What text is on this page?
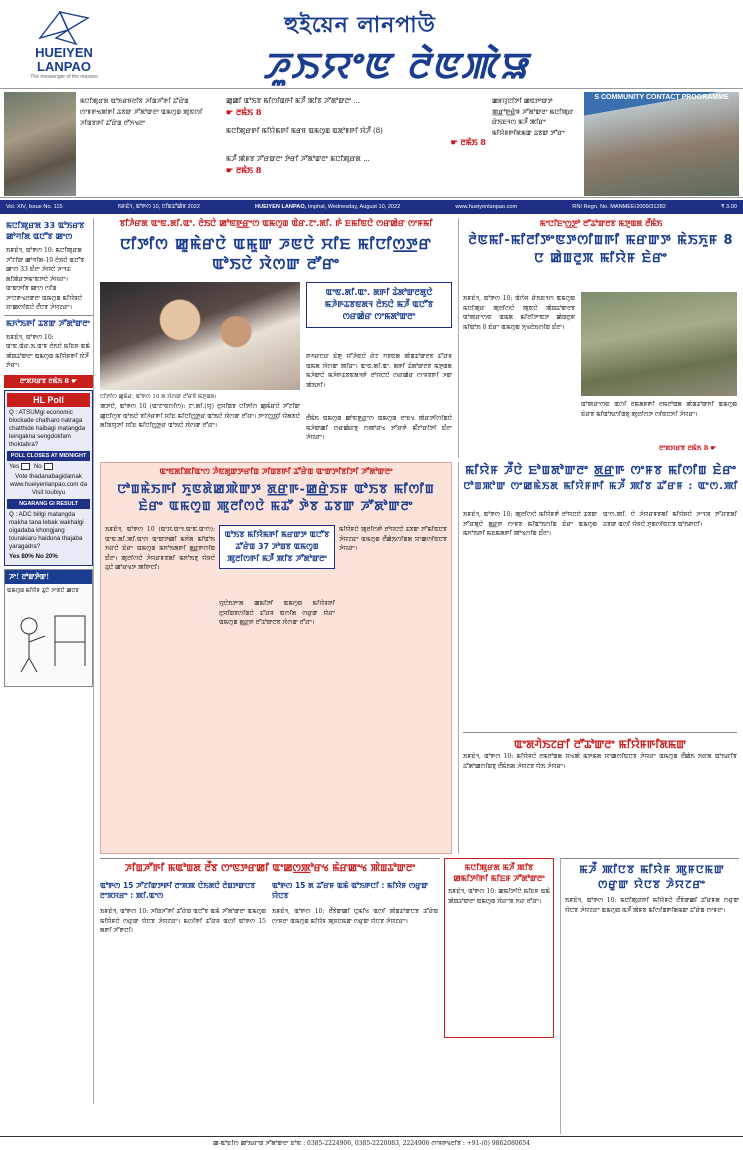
HUEIYEN
LANPAO
The messenger of the masses
হুইয়েন লানপাউ
ꯍꯨꯏꯌꯦꯟ ꯂꯥꯟꯄꯥꯎ
ꯃꯅꯤꯄꯨꯔꯗ ꯑꯣꯏꯔꯝꯂꯤꯕ ꯍꯤꯡꯍꯧꯒꯤ ꯊꯧꯔꯥꯡ ꯁꯦꯝꯒꯠꯄꯒꯤ ꯊꯕꯛ ꯍꯧꯗꯣꯛꯂꯦ ꯑꯃꯁꯨꯡ ꯄꯨꯟꯁꯤ ꯍꯤꯡꯕꯒꯤ ꯊꯧꯔꯥꯡ ꯂꯧꯈꯠꯂꯦ
ꯀꯨꯀꯤ ꯑꯣꯏꯕ ꯃꯤꯁꯤꯡꯒꯤ ꯃꯍꯩ ꯄꯤꯕ ꯍꯧꯗꯣꯛꯂꯦ ...
☛ ꯂꯃꯥꯏ 8
ꯃꯅꯤꯄꯨꯔꯒꯤ ꯃꯤꯌꯥꯃꯒꯤ ꯃꯔꯝ ꯑꯃꯁꯨꯡ ꯑꯗꯣꯝꯒꯤ ꯋꯥꯍꯩ (8)
☛ ꯂꯃꯥꯏ 8
ꯃꯍꯩ ꯄꯥꯝꯕ ꯍꯧꯔꯛꯂꯦ ꯇꯥꯔꯤ ꯍꯧꯗꯣꯛꯂꯦ ꯃꯅꯤꯄꯨꯔꯗ ...
☛ ꯂꯃꯥꯏ 8
ꯀꯝꯌꯨꯅꯤꯇꯤ ꯀꯟꯇꯦꯛꯇ ꯄ꯭ꯔꯣꯒ꯭ꯔꯥꯝ ꯍꯧꯗꯣꯛꯂꯦ ꯃꯅꯤꯄꯨꯔ ꯔꯥꯏꯐꯜꯁ ꯃꯍꯩ ꯄꯤꯔꯦ ꯃꯤꯌꯥꯝꯒꯤꯗꯃꯛ ꯊꯕꯛ ꯇꯧꯔꯦ
S COMMUNITY CONTACT PROGRAMME
Vol. XIV, Issue No. 115	ꯏꯝꯐꯥꯜ, ꯑꯣꯒꯁ 10, ꯅꯤꯡꯊꯧꯀꯥꯕ 2022	HUEIYEN LANPAO, Imphal, Wednesday, August 10, 2022	www.hueiyenlanpao.com	RNI Regn. No. MANMEE/2009/31282	₹ 3.00
ꯃꯅꯤꯄꯨꯔꯗ 33 ꯑꯣꯏꯔꯕ ꯀꯣꯚꯤꯗ ꯑꯅꯧꯕ ꯀꯦꯁ
ꯏꯝꯐꯥꯜ, ꯑꯣꯒꯁ 10: ꯃꯅꯤꯄꯨꯔꯗ ꯍꯧꯖꯤꯛ ꯀꯣꯚꯤꯗ-19 ꯂꯥꯏꯅꯥ ꯑꯅꯧꯕ ꯀꯦꯁ 33 ꯐꯪꯂꯦ ꯍꯥꯌꯅꯥ ꯍꯦꯜꯊ ꯗꯤꯄꯥꯔꯇꯃꯦꯟꯇꯅꯥ ꯍꯥꯌꯔꯦ। ꯑꯦꯛꯇꯤꯕ ꯀꯦꯁ ꯁꯤꯡ ꯍꯦꯅꯒꯠꯂꯛꯂꯦ ꯑꯃꯁꯨꯡ ꯃꯤꯌꯥꯝꯅꯥ ꯆꯦꯀꯁꯤꯟꯅꯥ ꯂꯩꯅꯕ ꯍꯥꯌꯖꯔꯦ।
ꯃꯈꯣꯏꯒꯤ ꯊꯕꯛ ꯍꯧꯗꯣꯛꯂꯦ
ꯏꯝꯐꯥꯜ, ꯑꯣꯒꯁ 10: ꯑꯦꯟ.ꯑꯥꯔ.ꯏ.ꯑꯦꯝ ꯂꯥꯏꯅꯥ ꯃꯤꯐꯝ ꯑꯃꯥ ꯄꯥꯡꯊꯣꯛꯂꯦ ꯑꯃꯁꯨꯡ ꯃꯤꯌꯥꯝꯒꯤ ꯋꯥꯍꯩ ꯇꯥꯔꯦ।
ꯂꯦꯞꯆꯔꯕ ꯂꯃꯥꯏ 8 ☛
HL Poll

Q : ATSUMgi economic blockade chatharo natraga chatthide haibagi matangda leingakna sengdokfam thoktabra?

POLL CLOSES AT MIDNIGHT

Yes No

Vote thadanabagidamak www.hueiyenlanpao.com da Visit toubiyu

NGARANG GI RESULT

Q : ADC billgi matangda makha tana lebak wakhalgi oigadaba khongjang tourakiaro haiduna thajaba yaragadra?

Yes 80% No 20%

ꯍꯦ! ꯂꯣꯛꯇꯥꯛ!
ꯑꯃꯁꯨꯡ ꯃꯤꯌꯥꯝ ꯊꯨꯅꯥ ꯍꯦꯟꯅꯥ ꯀꯅꯕ
ꯕꯤꯍꯥꯔꯗ ꯑꯦꯟ.ꯗꯤ.ꯑꯦ. ꯂꯥꯏꯅꯥ ꯀꯣꯟꯒ꯭ꯔꯦꯁ ꯑꯃꯁꯨꯡ ꯑꯥꯔ.ꯖꯦ.ꯗꯤ. ꯒꯥ ꯐꯃꯤꯟꯅꯥ ꯁꯔꯀꯥꯔ ꯁꯦꯝꯃꯤ
ꯅꯤꯇꯤꯁ ꯀꯨꯃꯥꯔꯅꯥ ꯑꯃꯨꯛ ꯍꯟꯅꯥ ꯆꯤꯐ ꯃꯤꯅꯤꯁ꯭ꯇꯔ ꯑꯣꯏꯅꯥ ꯋꯥꯁꯛ ꯂꯧꯔꯦ
ꯅꯤꯇꯤꯁ ꯀꯨꯃꯥꯔ, ꯑꯣꯒꯁ 10 ꯗ ꯋꯥꯁꯛ ꯂꯧꯔꯕꯥ ꯃꯇꯨꯡꯗ।
ꯑꯦꯟ.ꯗꯤ.ꯑꯦ. ꯗꯒꯤ ꯊꯥꯗꯣꯛꯂꯗꯨꯅꯥ ꯃꯍꯥꯒꯊꯕꯟꯗꯜ ꯂꯥꯏꯅꯥ ꯃꯍꯩ ꯑꯅꯧꯕ ꯁꯔꯀꯥꯔ ꯁꯦꯃꯗꯣꯛꯂꯦ
ꯒꯚꯔꯅꯔ ꯐꯥꯒꯨ ꯆꯧꯍꯥꯟꯅꯥ ꯔꯥꯖ ꯚꯕꯟꯗ ꯄꯥꯡꯊꯣꯛꯂꯕ ꯊꯧꯔꯝ ꯑꯃꯗ ꯋꯥꯁꯛ ꯄꯤꯔꯦ। ꯑꯦꯟ.ꯗꯤ.ꯑꯦ. ꯗꯒꯤ ꯊꯥꯗꯣꯛꯂꯕ ꯃꯇꯨꯡꯗ ꯃꯍꯥꯛꯅꯥ ꯃꯍꯥꯒꯊꯕꯟꯗꯜꯒꯥ ꯂꯣꯌꯅꯅꯥ ꯁꯔꯀꯥꯔ ꯁꯦꯝꯕꯒꯤ ꯍꯛ ꯄꯥꯏꯈꯤ।
ꯄꯇꯅꯥ, ꯑꯣꯒꯁ 10 (ꯑꯦꯖꯦꯟꯁꯤꯁ): ꯖꯦ.ꯗꯤ.(ꯌꯨ) ꯂꯨꯆꯤꯡꯕ ꯅꯤꯇꯤꯁ ꯀꯨꯃꯥꯔꯅꯥ ꯍꯧꯖꯤꯛ ꯀꯨꯅꯤꯁꯨꯕ ꯑꯣꯏꯅꯥ ꯕꯤꯍꯥꯔꯒꯤ ꯆꯤꯐ ꯃꯤꯅꯤꯁ꯭ꯇꯔ ꯑꯣꯏꯅꯥ ꯋꯥꯁꯛ ꯂꯧꯔꯦ। ꯇꯦꯖꯁ꯭ꯋꯤ ꯌꯥꯗꯕꯅꯥ ꯗꯤꯞꯌꯨꯇꯤ ꯆꯤꯐ ꯃꯤꯅꯤꯁ꯭ꯇꯔ ꯑꯣꯏꯅꯥ ꯋꯥꯁꯛ ꯂꯧꯔꯦ।
ꯂꯩꯃꯥꯏ ꯑꯃꯁꯨꯡ ꯀꯣꯟꯒ꯭ꯔꯦꯁ ꯑꯃꯁꯨꯡ ꯂꯦꯐꯠ ꯄꯥꯔꯇꯤꯁꯤꯡꯅꯥ ꯃꯍꯥꯛꯀꯤ ꯁꯔꯀꯥꯔꯕꯨ ꯁꯄꯣꯔꯠ ꯇꯧꯔꯒꯥ ꯃꯩꯖꯣꯔꯤꯇꯤ ꯐꯪꯂꯦ ꯍꯥꯌꯔꯦ।
ꯃꯦꯅꯤꯐꯦꯁ꯭ꯇꯣ ꯂꯧꯊꯣꯛꯂꯕ ꯃꯇꯨꯡꯗ ꯂꯩꯃꯥꯏ
ꯂꯥꯟꯃꯤ-ꯃꯤꯂꯤꯇꯦꯟꯇꯁꯤꯡꯒꯤ ꯃꯔꯛꯇ ꯃꯥꯏꯈꯨꯝ 8 ꯅ ꯀꯥꯡꯂꯨꯞ ꯃꯤꯌꯥꯝ ꯐꯥꯔꯦ
ꯏꯝꯐꯥꯜ, ꯑꯣꯒꯁ 10: ꯑꯥꯁꯥꯝ ꯔꯥꯏꯐꯜꯁ ꯑꯃꯁꯨꯡ ꯃꯅꯤꯄꯨꯔ ꯄꯨꯂꯤꯁꯅꯥ ꯄꯨꯟꯅꯥ ꯄꯥꯡꯊꯣꯛꯂꯕ ꯑꯣꯄꯔꯦꯁꯟ ꯑꯃꯗ ꯃꯤꯂꯤꯇꯦꯟꯇ ꯀꯥꯡꯂꯨꯞ ꯃꯤꯑꯣꯏ 8 ꯐꯥꯔꯦ ꯑꯃꯁꯨꯡ ꯈꯨꯠꯂꯥꯏꯁꯤꯡ ꯐꯪꯂꯦ।
ꯑꯣꯄꯔꯦꯁꯟ ꯑꯁꯤ ꯂꯃꯗꯝꯒꯤ ꯂꯃꯂꯣꯡꯗ ꯄꯥꯡꯊꯣꯛꯈꯤ ꯑꯃꯁꯨꯡ ꯐꯥꯔꯕ ꯃꯤꯑꯣꯏꯁꯤꯡꯕꯨ ꯄꯨꯂꯤꯁꯇ ꯁꯤꯟꯅꯈꯤ ꯍꯥꯌꯔꯦ।
ꯂꯦꯞꯆꯔꯕ ꯂꯃꯥꯏ 8 ☛
ꯑꯦꯟꯗꯤꯄꯤꯑꯦꯁ ꯍꯥꯟꯗꯨꯛꯇꯔꯤꯡ ꯍꯤꯡꯕꯒꯤ ꯊꯧꯔꯥꯡ ꯑꯦꯛꯇꯤꯕꯤꯇꯤ ꯍꯧꯗꯣꯛꯂꯦ
ꯅꯣꯡꯃꯥꯏꯒꯤ ꯈꯨꯟꯗꯥꯀꯄꯥꯛꯇ ꯗ꯭ꯔꯒ-ꯀ꯭ꯔꯥꯏꯝ ꯑꯣꯏꯕ ꯃꯤꯁꯤꯡ ꯐꯥꯔꯦ ꯑꯃꯁꯨꯡ ꯄꯨꯂꯤꯁꯅꯥ ꯃꯊꯧ ꯇꯥꯕ ꯊꯕꯛ ꯍꯧꯗꯣꯛꯂꯦ
ꯑꯣꯏꯕ ꯃꯤꯌꯥꯃꯒꯤ ꯃꯔꯛꯇ ꯑꯅꯧꯕ ꯊꯧꯔꯥꯡ 37 ꯍꯣꯡꯕ ꯑꯃꯁꯨꯡ ꯄꯨꯂꯤꯁꯒꯤ ꯃꯍꯩ ꯄꯤꯕ ꯍꯧꯗꯣꯛꯂꯦ
ꯏꯝꯐꯥꯜ, ꯑꯣꯒꯁ 10 (ꯑꯦꯆ.ꯑꯦꯜ.ꯑꯦꯟ.ꯑꯦꯁ): ꯑꯦꯟ.ꯗꯤ.ꯄꯤ.ꯑꯦꯁ ꯑꯦꯛꯇꯀꯤ ꯃꯈꯥꯗ ꯃꯤꯑꯣꯏ ꯈꯔꯅꯥ ꯐꯥꯔꯦ ꯑꯃꯁꯨꯡ ꯃꯈꯣꯏꯗꯒꯤ ꯗ꯭ꯔꯒꯁꯤꯡ ꯐꯪꯂꯦ। ꯄꯨꯂꯤꯁꯅꯥ ꯍꯥꯌꯔꯝꯕꯗꯤ ꯃꯈꯣꯏꯕꯨ ꯌꯥꯝꯅꯥ ꯊꯨꯅꯥ ꯀꯣꯔꯠꯇ ꯄꯤꯒꯅꯤ।
ꯃꯤꯌꯥꯝꯅꯥ ꯄꯨꯂꯤꯁꯒꯥ ꯂꯣꯌꯅꯅꯥ ꯊꯕꯛ ꯇꯧꯃꯤꯟꯅꯕ ꯍꯥꯌꯖꯔꯦ ꯑꯃꯁꯨꯡ ꯂꯩꯀꯥꯏꯁꯤꯡꯗ ꯆꯦꯀꯁꯤꯟꯅꯕ ꯍꯥꯌꯔꯦ।
ꯌꯨꯅꯥꯏꯇꯦꯗ ꯀꯃꯤꯇꯤ ꯑꯃꯁꯨꯡ ꯃꯤꯌꯥꯝꯒꯤ ꯂꯨꯆꯤꯡꯕꯁꯤꯡꯅꯥ ꯊꯧꯔꯝ ꯑꯁꯤꯗ ꯁꯔꯨꯛ ꯌꯥꯔꯦ ꯑꯃꯁꯨꯡ ꯗ꯭ꯔꯒ ꯂꯧꯊꯣꯛꯅꯕ ꯋꯥꯁꯛ ꯂꯧꯔꯦ।
ꯃꯤꯌꯥꯝ ꯍꯩꯅꯥ ꯐꯣꯡꯗꯣꯛꯂꯦ ꯗ꯭ꯔꯒ ꯁꯦꯝꯕ ꯃꯤꯁꯤꯡ ꯐꯥꯔꯦ
ꯅꯣꯡꯄꯣꯛ ꯁꯦꯀꯃꯥꯏꯗ ꯃꯤꯌꯥꯝꯒꯤ ꯃꯍꯩ ꯄꯤꯕ ꯊꯧꯔꯝ : ꯑꯦꯁ.ꯄꯤ
ꯏꯝꯐꯥꯜ, ꯑꯣꯒꯁ 10: ꯄꯨꯂꯤꯁꯅꯥ ꯃꯤꯌꯥꯝꯒꯥ ꯂꯣꯌꯅꯅꯥ ꯊꯕꯛ ꯇꯧꯔꯗꯨꯅꯥ ꯗ꯭ꯔꯒ ꯁꯦꯝꯕ ꯃꯤꯑꯣꯏꯁꯤꯡ ꯐꯥꯔꯦ ꯑꯃꯁꯨꯡ ꯃꯈꯣꯏꯒꯤ ꯃꯐꯃꯗꯒꯤ ꯄꯣꯠꯁꯤꯡ ꯐꯪꯂꯦ।
ꯑꯦꯁ.ꯄꯤ. ꯅꯥ ꯍꯥꯌꯔꯝꯕꯗꯤ ꯃꯤꯌꯥꯝꯅꯥ ꯍꯦꯜꯞ ꯇꯧꯔꯕꯗꯤ ꯊꯕꯛ ꯑꯁꯤ ꯌꯥꯝꯅꯥ ꯇꯨꯡꯁꯤꯟꯅꯕ ꯑꯣꯏꯒꯅꯤ।
ꯑꯦꯗꯚꯥꯏꯖꯔꯤ ꯂꯧꯊꯣꯛꯂꯦ ꯃꯤꯌꯥꯝꯒꯤꯗꯃꯛ
ꯏꯝꯐꯥꯜ, ꯑꯣꯒꯁ 10: ꯃꯤꯌꯥꯝꯅꯥ ꯂꯃꯂꯣꯡꯗ ꯆꯠꯄꯥ ꯃꯇꯃꯗ ꯆꯦꯀꯁꯤꯟꯅꯕ ꯍꯥꯌꯔꯦ ꯑꯃꯁꯨꯡ ꯂꯩꯀꯥꯏ ꯈꯔꯗ ꯑꯣꯏꯔꯤꯕ ꯊꯧꯗꯣꯀꯁꯤꯡꯕꯨ ꯂꯩꯃꯥꯏꯗ ꯍꯥꯌꯖꯕ ꯌꯥꯏ ꯍꯥꯌꯔꯦ।
ꯍꯤꯡꯍꯧꯒꯤ ꯃꯑꯣꯡꯗ ꯂꯩꯕ ꯁꯦꯟꯇꯔꯀꯤ ꯑꯦꯀꯁ꯭ꯄꯣꯔꯠ ꯃꯥꯔꯀꯦꯠ ꯄꯥꯡꯊꯣꯛꯂꯦ
ꯑꯣꯒꯁ 15 ꯍꯧꯖꯤꯛꯇꯒꯤ ꯂꯦꯞꯄ ꯅꯥꯏꯗꯅꯥ ꯂꯥꯡꯇꯛꯅꯕ ꯂꯦꯞꯆꯔꯦ : ꯄꯤ.ꯑꯦꯁ
ꯏꯝꯐꯥꯜ, ꯑꯣꯒꯁ 10: ꯍꯤꯡꯍꯧꯒꯤ ꯊꯧꯔꯥꯡ ꯑꯅꯧꯕ ꯑꯃꯥ ꯍꯧꯗꯣꯛꯂꯦ ꯑꯃꯁꯨꯡ ꯃꯤꯌꯥꯝꯅꯥ ꯁꯔꯨꯛ ꯌꯥꯅꯕ ꯍꯥꯌꯖꯔꯦ। ꯃꯁꯤꯒꯤ ꯊꯧꯔꯝ ꯑꯁꯤ ꯑꯣꯒꯁ 15 ꯗꯒꯤ ꯍꯧꯒꯅꯤ।
ꯑꯣꯒꯁ 15 ꯗ ꯊꯧꯔꯝ ꯑꯃꯥ ꯑꯣꯏꯒꯅꯤ : ꯃꯤꯌꯥꯝ ꯁꯔꯨꯛ ꯌꯥꯅꯕ
ꯏꯝꯐꯥꯜ, ꯑꯣꯒꯁ 10: ꯂꯩꯕꯥꯛꯀꯤ ꯅꯨꯃꯤꯠ ꯑꯁꯤ ꯄꯥꯡꯊꯣꯛꯅꯕ ꯊꯧꯔꯥꯡ ꯁꯦꯝꯂꯦ ꯑꯃꯁꯨꯡ ꯃꯤꯌꯥꯝ ꯄꯨꯝꯅꯃꯛ ꯁꯔꯨꯛ ꯌꯥꯅꯕ ꯍꯥꯌꯖꯔꯦ।
ꯃꯅꯤꯄꯨꯔꯗ ꯃꯍꯩ ꯄꯤꯕ ꯀꯃꯤꯇꯤꯒꯤ ꯃꯤꯐꯝ ꯍꯧꯗꯣꯛꯂꯦ
ꯏꯝꯐꯥꯜ, ꯑꯣꯒꯁ 10: ꯀꯃꯤꯇꯤꯅꯥ ꯃꯤꯐꯝ ꯑꯃꯥ ꯄꯥꯡꯊꯣꯛꯂꯦ ꯑꯃꯁꯨꯡ ꯋꯥꯔꯦꯞ ꯈꯔ ꯂꯧꯔꯦ।
ꯃꯍꯩ ꯄꯤꯅꯕ ꯃꯤꯌꯥꯝ ꯄꯨꯝꯅꯃꯛ ꯁꯔꯨꯛ ꯌꯥꯅꯕ ꯍꯥꯌꯖꯔꯦ
ꯏꯝꯐꯥꯜ, ꯑꯣꯒꯁ 10: ꯃꯅꯤꯄꯨꯔꯒꯤ ꯃꯤꯌꯥꯝꯅꯥ ꯂꯩꯕꯥꯛꯀꯤ ꯊꯧꯔꯝꯗ ꯁꯔꯨꯛ ꯌꯥꯅꯕ ꯍꯥꯌꯖꯔꯦ ꯑꯃꯁꯨꯡ ꯃꯍꯩ ꯄꯥꯝꯕ ꯃꯤꯁꯤꯡꯒꯤꯗꯃꯛ ꯊꯧꯔꯥꯡ ꯁꯦꯝꯂꯦ।
ꯀ-ꯑꯣꯐꯤꯁ ꯀꯣꯏꯔꯦꯡ ꯍꯧꯗꯣꯛꯂꯦ ꯐꯣꯟ : 0385-2224906, 0385-2220083, 2224906 ꯁꯦꯝꯒꯠꯂꯤꯕ : +91-(0) 9862080654
